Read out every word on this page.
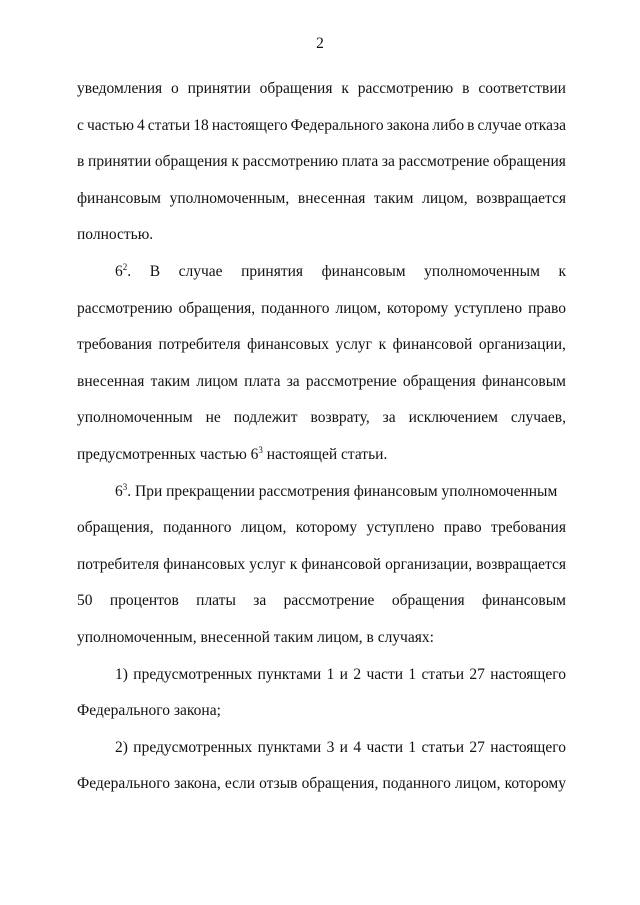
2
уведомления о принятии обращения к рассмотрению в соответствии
с частью 4 статьи 18 настоящего Федерального закона либо в случае отказа
в принятии обращения к рассмотрению плата за рассмотрение обращения
финансовым уполномоченным, внесенная таким лицом, возвращается
полностью.
$6^2$. В случае принятия финансовым уполномоченным к
рассмотрению обращения, поданного лицом, которому уступлено право
требования потребителя финансовых услуг к финансовой организации,
внесенная таким лицом плата за рассмотрение обращения финансовым
уполномоченным не подлежит возврату, за исключением случаев,
предусмотренных частью $6^3$ настоящей статьи.
$6^3$. При прекращении рассмотрения финансовым уполномоченным
обращения, поданного лицом, которому уступлено право требования
потребителя финансовых услуг к финансовой организации, возвращается
50 процентов платы за рассмотрение обращения финансовым
уполномоченным, внесенной таким лицом, в случаях:
1) предусмотренных пунктами 1 и 2 части 1 статьи 27 настоящего
Федерального закона;
2) предусмотренных пунктами 3 и 4 части 1 статьи 27 настоящего
Федерального закона, если отзыв обращения, поданного лицом, которому
